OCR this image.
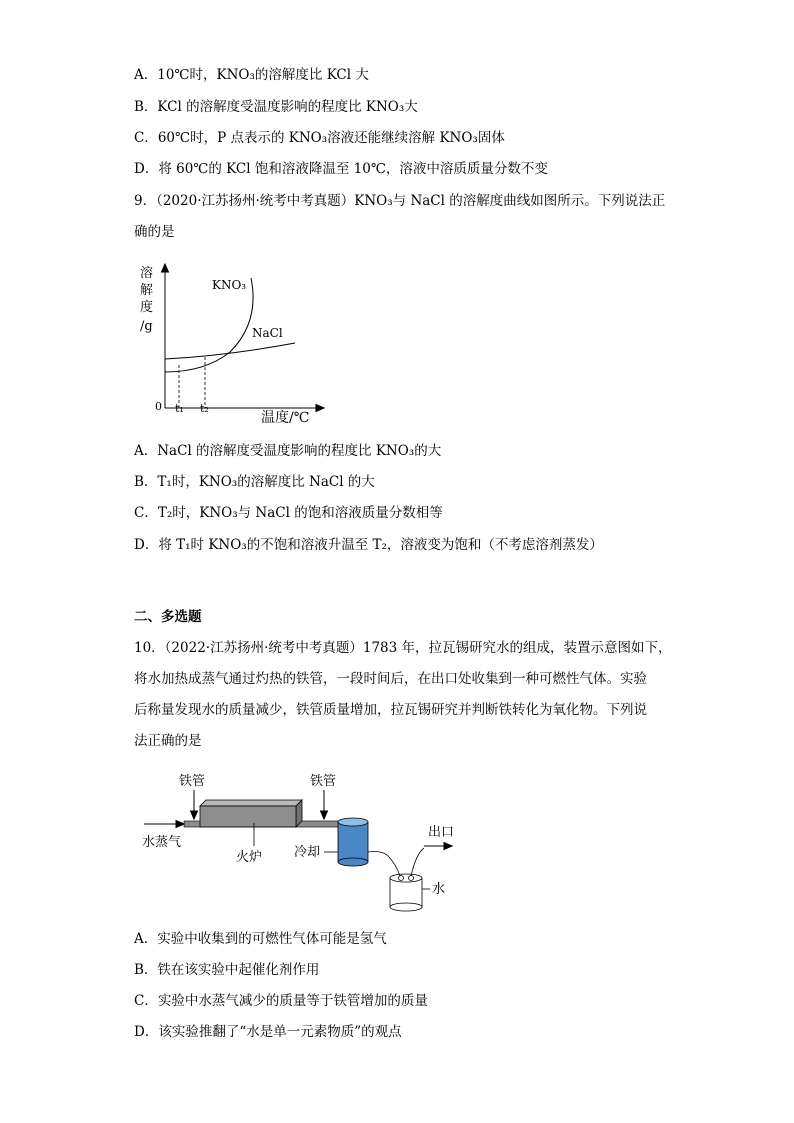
A．10℃时，KNO₃的溶解度比 KCl 大
B．KCl 的溶解度受温度影响的程度比 KNO₃大
C．60℃时，P 点表示的 KNO₃溶液还能继续溶解 KNO₃固体
D．将 60℃的 KCl 饱和溶液降温至 10℃，溶液中溶质质量分数不变
9．（2020·江苏扬州·统考中考真题）KNO₃与 NaCl 的溶解度曲线如图所示。下列说法正
确的是
溶
解
度
/g
KNO₃
NaCl
0 t₁ t₂
温度/℃
A．NaCl 的溶解度受温度影响的程度比 KNO₃的大
B．T₁时，KNO₃的溶解度比 NaCl 的大
C．T₂时，KNO₃与 NaCl 的饱和溶液质量分数相等
D．将 T₁时 KNO₃的不饱和溶液升温至 T₂，溶液变为饱和（不考虑溶剂蒸发）
二、多选题
10．（2022·江苏扬州·统考中考真题）1783 年，拉瓦锡研究水的组成，装置示意图如下，
将水加热成蒸气通过灼热的铁管，一段时间后，在出口处收集到一种可燃性气体。实验
后称量发现水的质量减少，铁管质量增加，拉瓦锡研究并判断铁转化为氧化物。下列说
法正确的是
铁管	铁管
水蒸气
火炉 冷却
出口
水
A．实验中收集到的可燃性气体可能是氢气
B．铁在该实验中起催化剂作用
C．实验中水蒸气减少的质量等于铁管增加的质量
D．该实验推翻了“水是单一元素物质”的观点
